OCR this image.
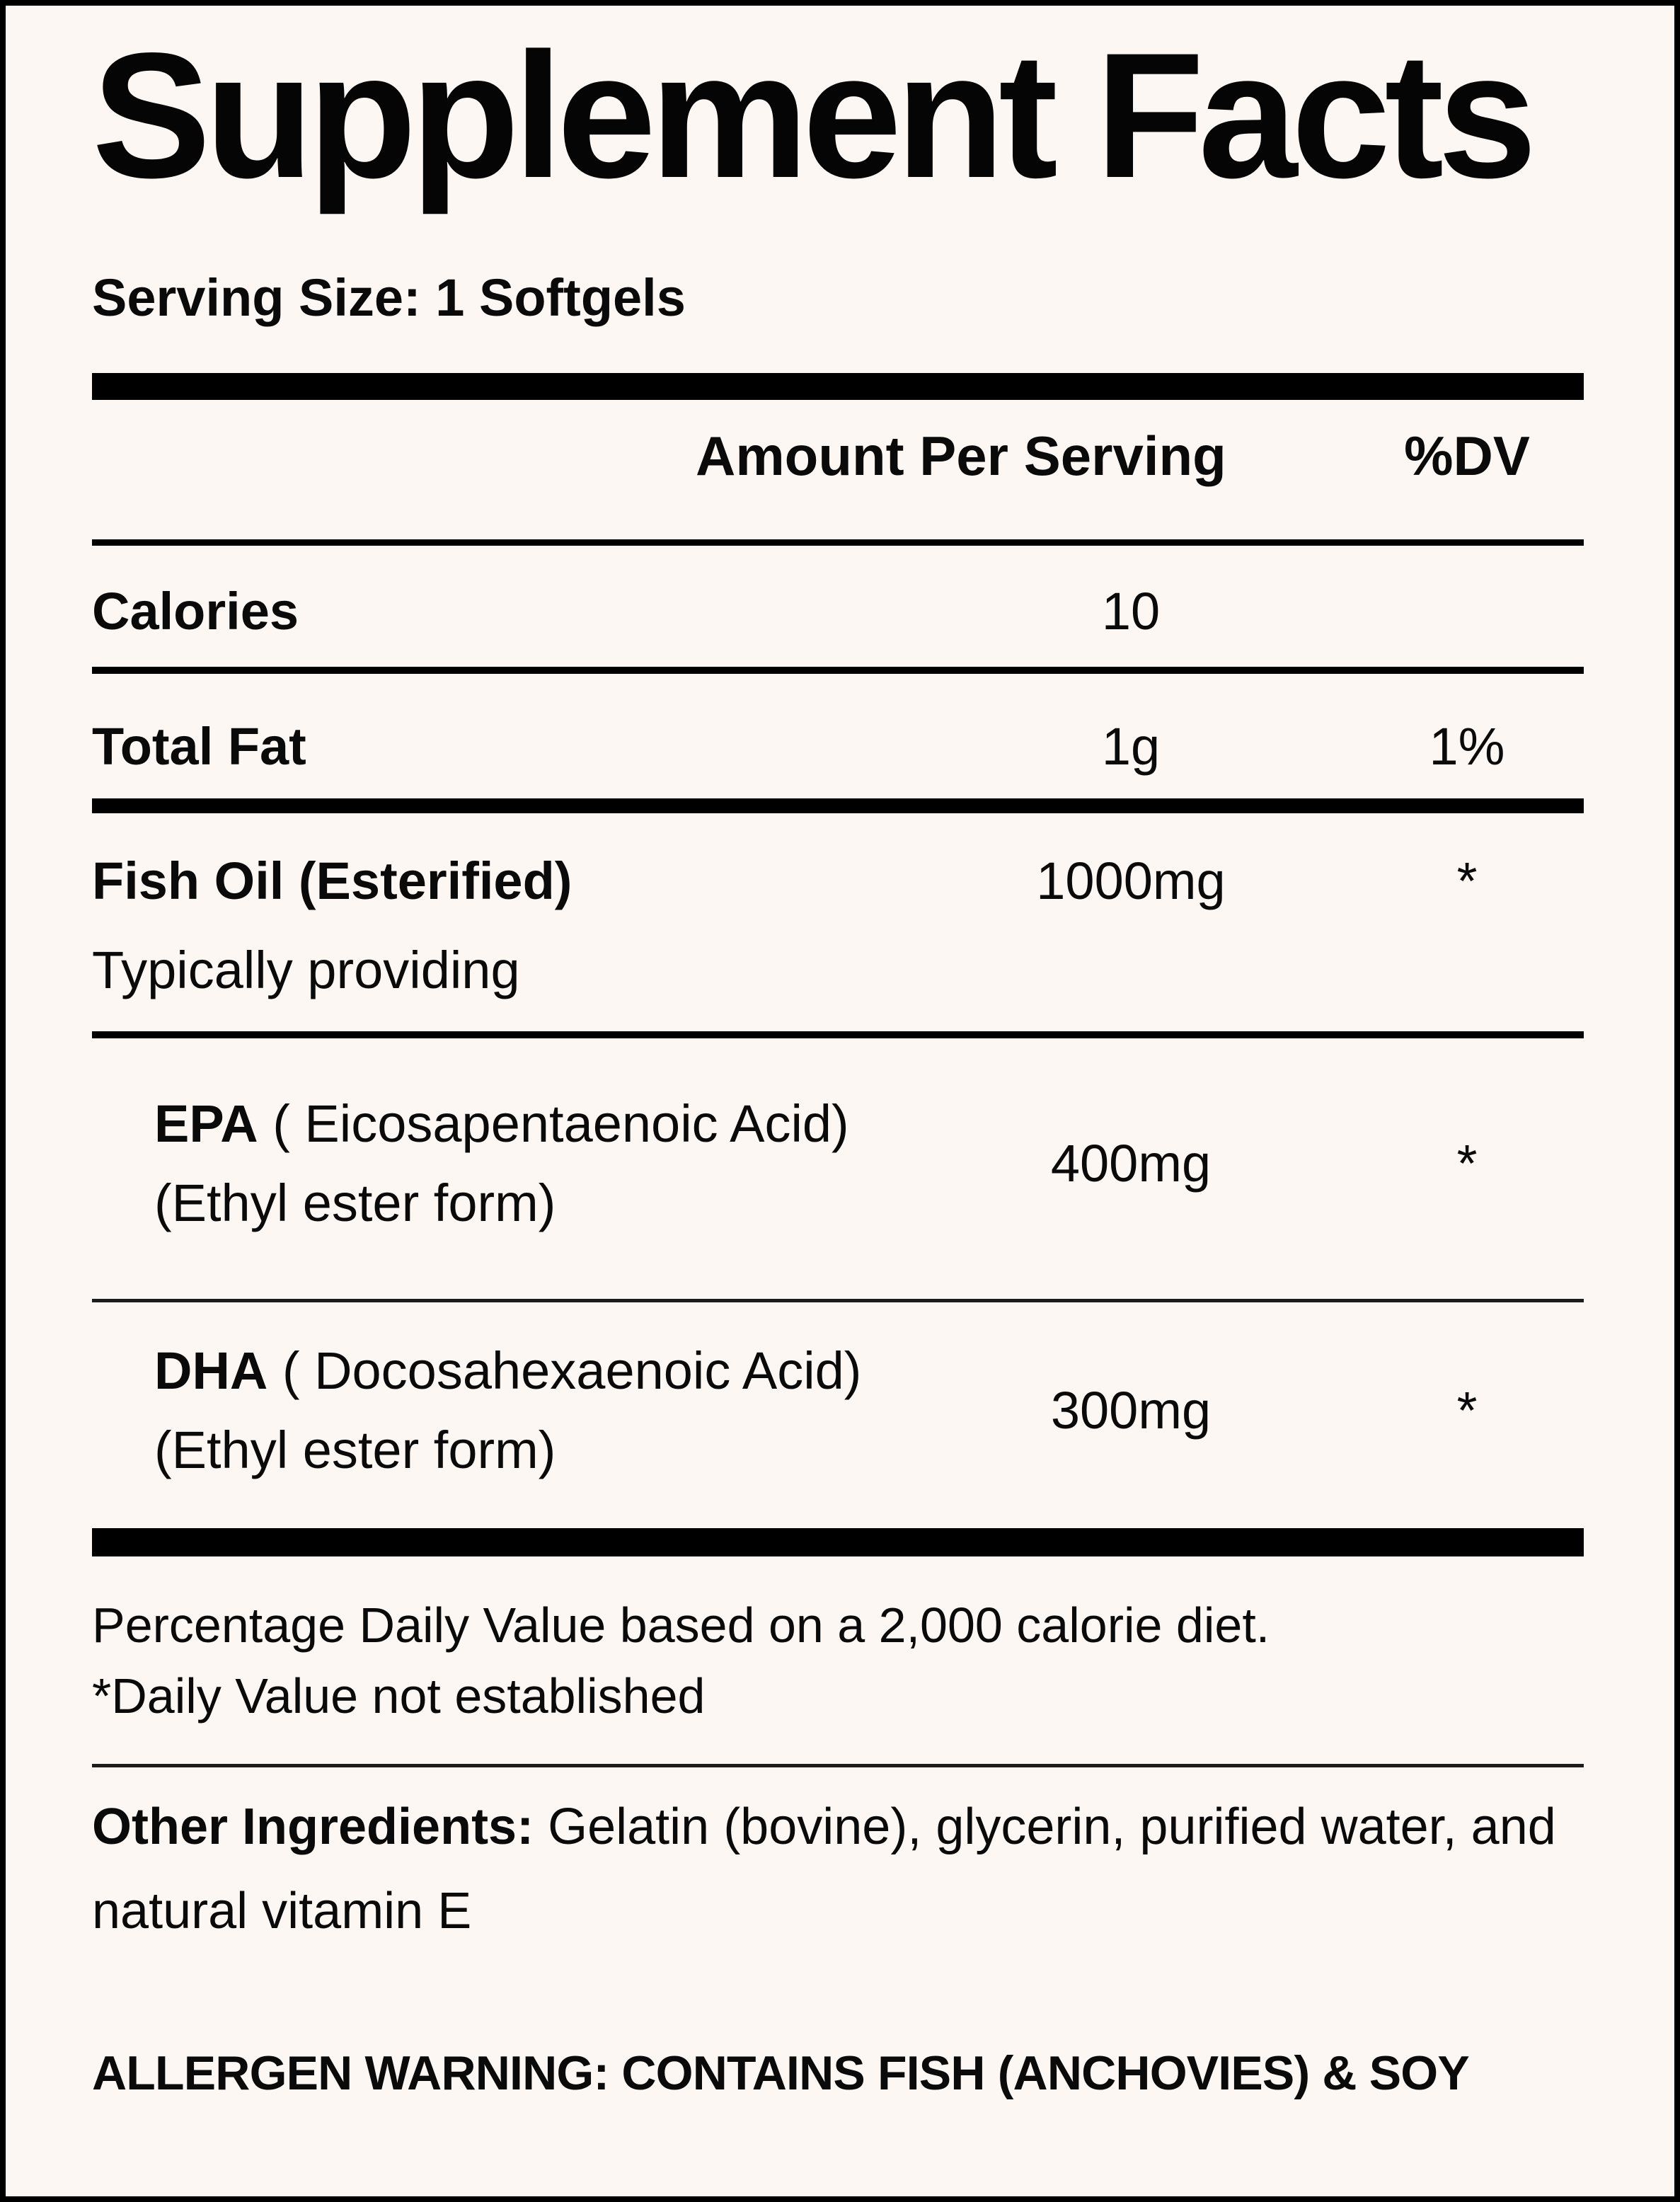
Supplement Facts
Serving Size: 1 Softgels
Amount Per Serving	%DV
Calories	10
Total Fat	1g	1%
Fish Oil (Esterified)
Typically providing
1000mg	*
EPA ( Eicosapentaenoic Acid)
(Ethyl ester form)
400mg	*
DHA ( Docosahexaenoic Acid)
(Ethyl ester form)
300mg	*
Percentage Daily Value based on a 2,000 calorie diet.
*Daily Value not established

Other Ingredients: Gelatin (bovine), glycerin, purified water, and natural vitamin E

ALLERGEN WARNING: CONTAINS FISH (ANCHOVIES) & SOY
